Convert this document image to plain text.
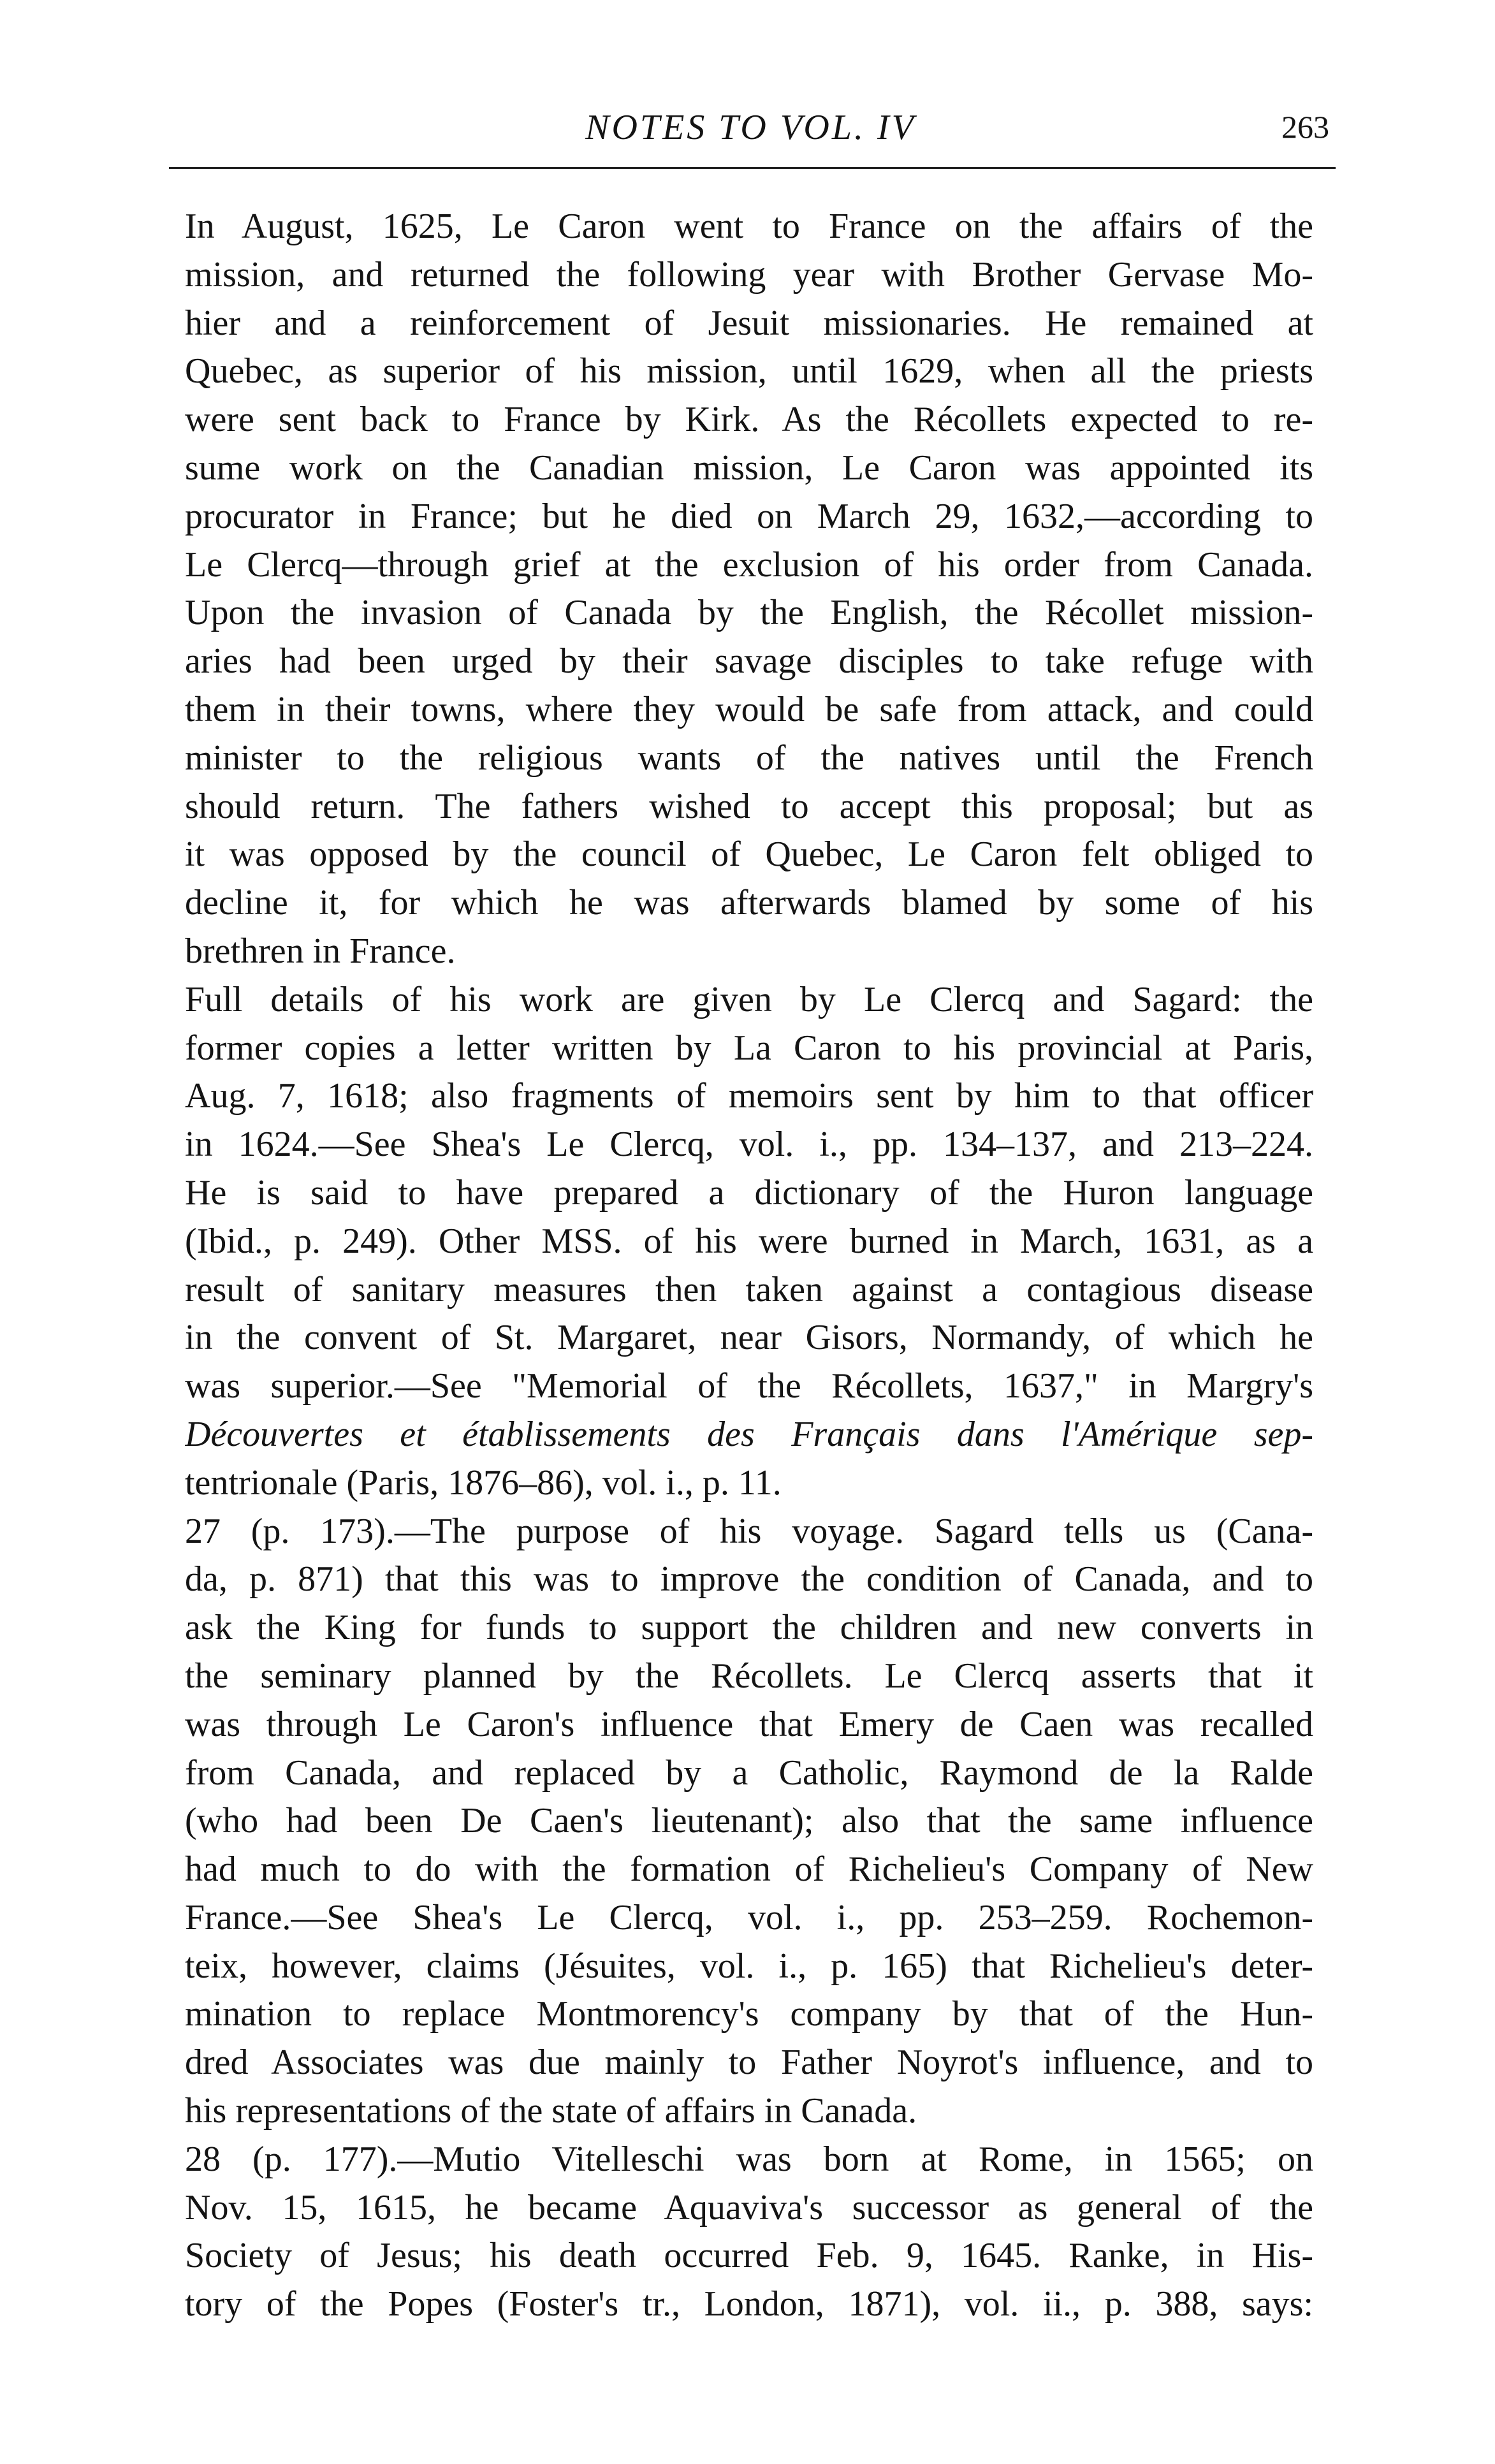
NOTES TO VOL. IV	263
In August, 1625, Le Caron went to France on the affairs of the
mission, and returned the following year with Brother Gervase Mo-
hier and a reinforcement of Jesuit missionaries. He remained at
Quebec, as superior of his mission, until 1629, when all the priests
were sent back to France by Kirk. As the Récollets expected to re-
sume work on the Canadian mission, Le Caron was appointed its
procurator in France; but he died on March 29, 1632,—according to
Le Clercq—through grief at the exclusion of his order from Canada.
Upon the invasion of Canada by the English, the Récollet mission-
aries had been urged by their savage disciples to take refuge with
them in their towns, where they would be safe from attack, and could
minister to the religious wants of the natives until the French
should return. The fathers wished to accept this proposal; but as
it was opposed by the council of Quebec, Le Caron felt obliged to
decline it, for which he was afterwards blamed by some of his
brethren in France.
Full details of his work are given by Le Clercq and Sagard: the
former copies a letter written by La Caron to his provincial at Paris,
Aug. 7, 1618; also fragments of memoirs sent by him to that officer
in 1624.—See Shea's Le Clercq, vol. i., pp. 134–137, and 213–224.
He is said to have prepared a dictionary of the Huron language
(Ibid., p. 249). Other MSS. of his were burned in March, 1631, as a
result of sanitary measures then taken against a contagious disease
in the convent of St. Margaret, near Gisors, Normandy, of which he
was superior.—See "Memorial of the Récollets, 1637," in Margry's
Découvertes et établissements des Français dans l'Amérique sep-
tentrionale (Paris, 1876–86), vol. i., p. 11.
27 (p. 173).—The purpose of his voyage. Sagard tells us (Cana-
da, p. 871) that this was to improve the condition of Canada, and to
ask the King for funds to support the children and new converts in
the seminary planned by the Récollets. Le Clercq asserts that it
was through Le Caron's influence that Emery de Caen was recalled
from Canada, and replaced by a Catholic, Raymond de la Ralde
(who had been De Caen's lieutenant); also that the same influence
had much to do with the formation of Richelieu's Company of New
France.—See Shea's Le Clercq, vol. i., pp. 253–259. Rochemon-
teix, however, claims (Jésuites, vol. i., p. 165) that Richelieu's deter-
mination to replace Montmorency's company by that of the Hun-
dred Associates was due mainly to Father Noyrot's influence, and to
his representations of the state of affairs in Canada.
28 (p. 177).—Mutio Vitelleschi was born at Rome, in 1565; on
Nov. 15, 1615, he became Aquaviva's successor as general of the
Society of Jesus; his death occurred Feb. 9, 1645. Ranke, in His-
tory of the Popes (Foster's tr., London, 1871), vol. ii., p. 388, says:
